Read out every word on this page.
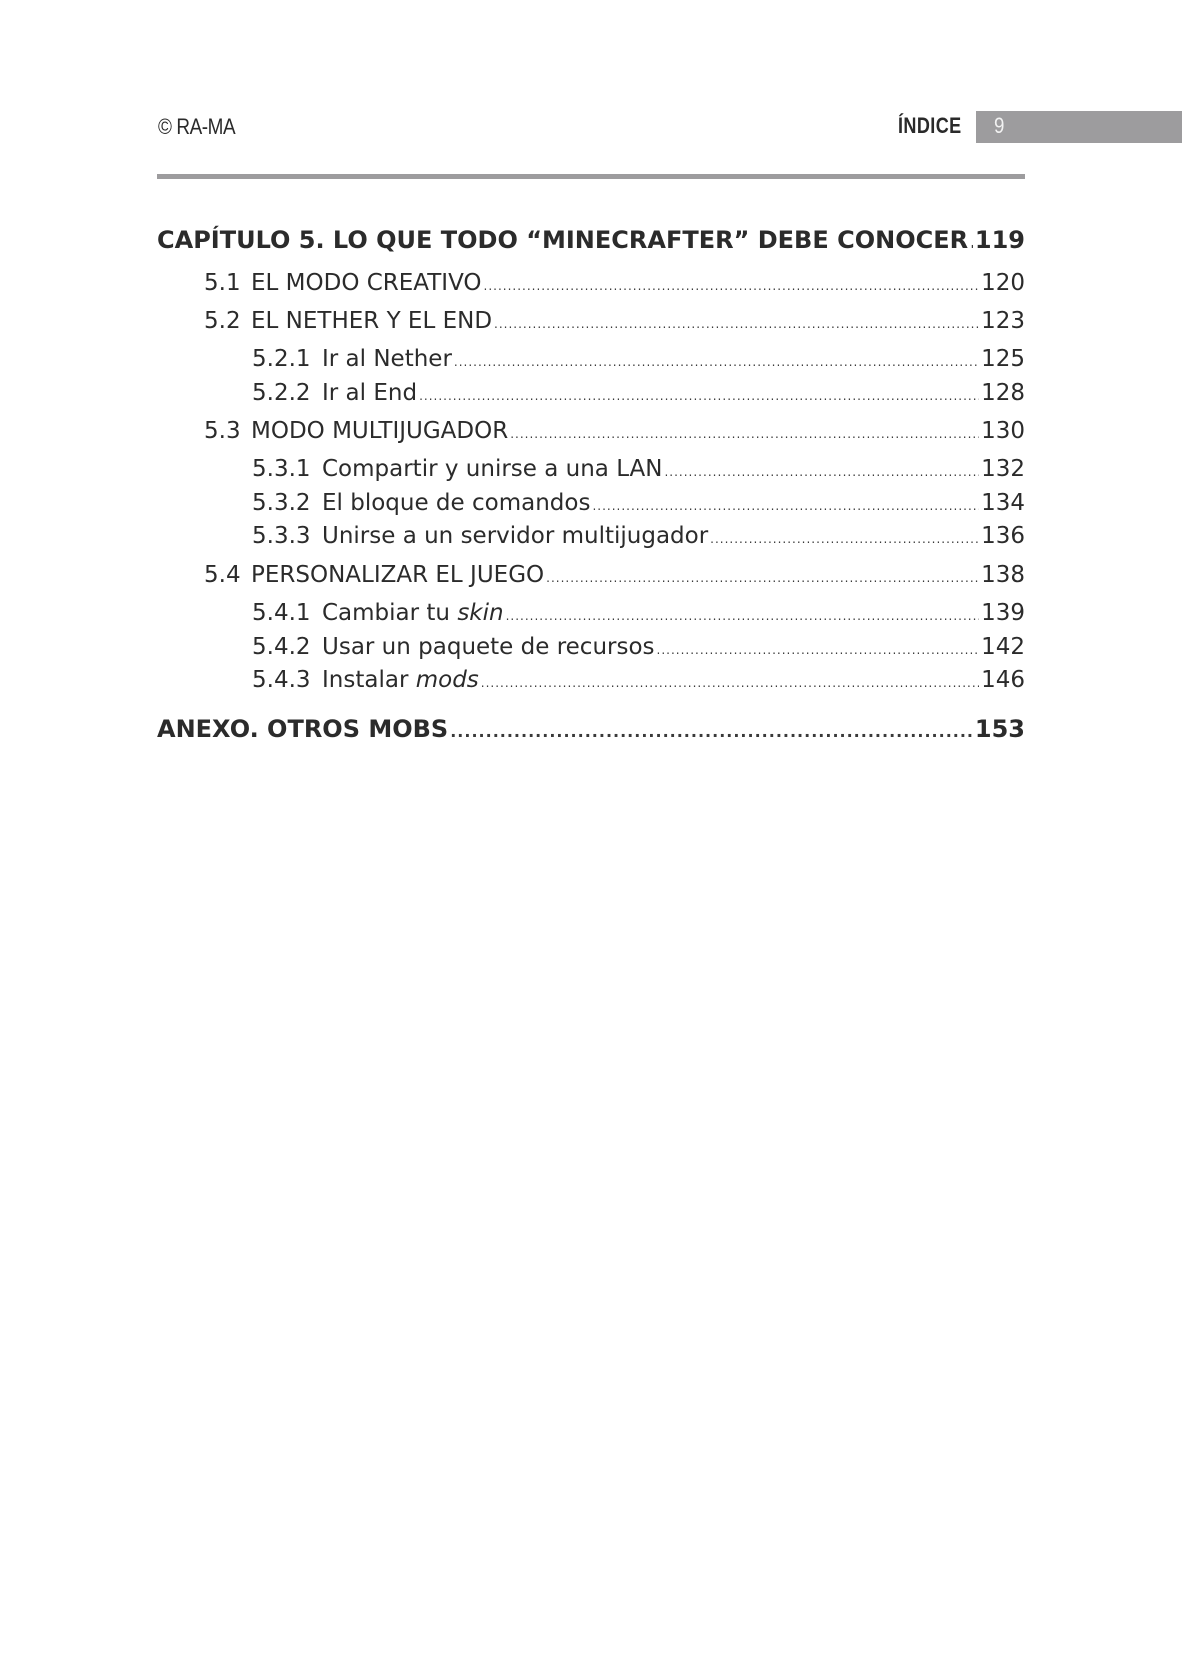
© RA-MA	ÍNDICE 9
CAPÍTULO 5. LO QUE TODO “MINECRAFTER” DEBE CONOCER ..... 119
5.1 EL MODO CREATIVO .....	120
5.2 EL NETHER Y EL END .....	123
5.2.1 Ir al Nether .....	125
5.2.2 Ir al End .....	128
5.3 MODO MULTIJUGADOR .....	130
5.3.1 Compartir y unirse a una LAN .....	132
5.3.2 El bloque de comandos .....	134
5.3.3 Unirse a un servidor multijugador .....	136
5.4 PERSONALIZAR EL JUEGO .....	138
5.4.1 Cambiar tu skin .....	139
5.4.2 Usar un paquete de recursos .....	142
5.4.3 Instalar mods .....	146
ANEXO. OTROS MOBS .....	153
